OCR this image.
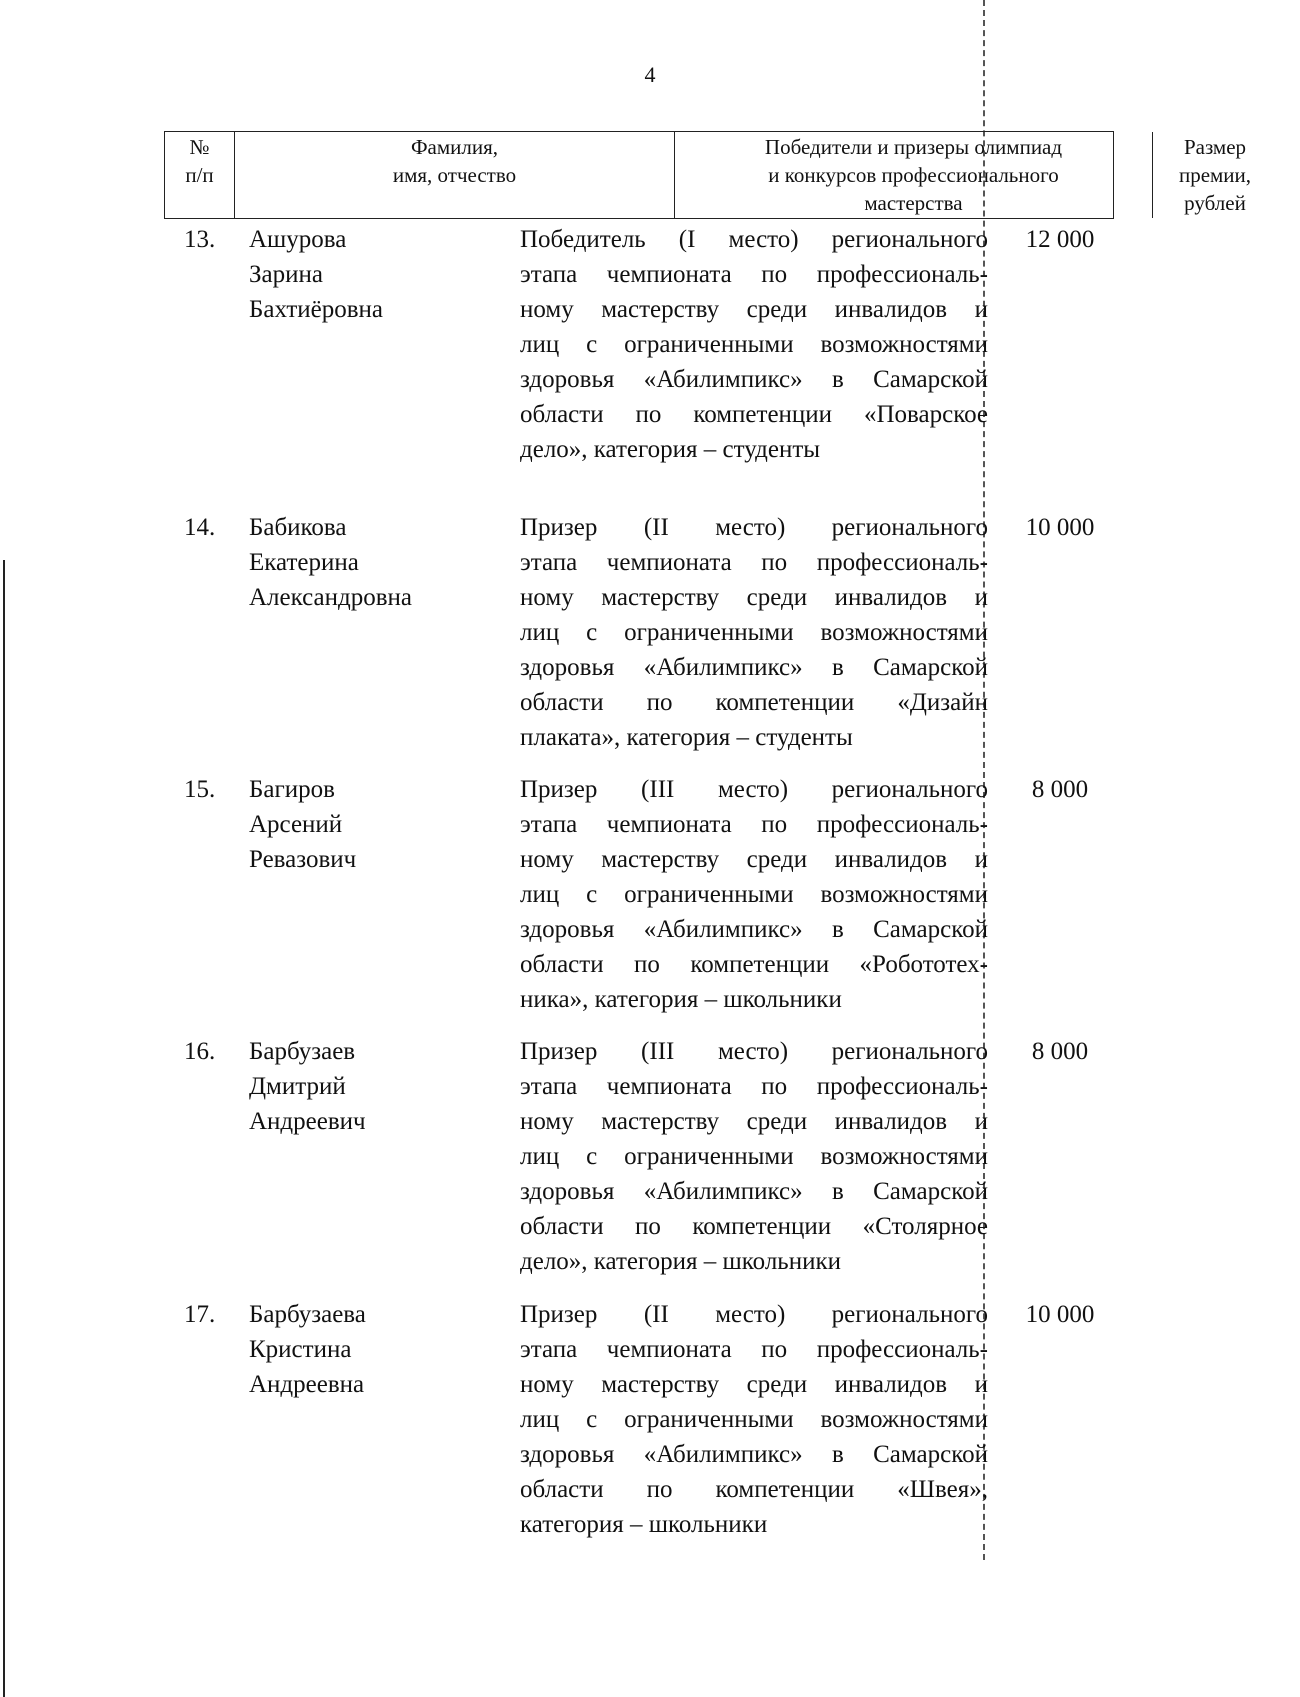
4
№
п/п
Фамилия,
имя, отчество
Победители и призеры олимпиад
и конкурсов профессионального
мастерства
Размер
премии,
рублей
13. Ашурова
Зарина
Бахтиёровна
Победитель (I место) регионального
этапа чемпионата по профессиональ-
ному мастерству среди инвалидов и
лиц с ограниченными возможностями
здоровья «Абилимпикс» в Самарской
области по компетенции «Поварское
дело», категория – студенты
12 000
14. Бабикова
Екатерина
Александровна
Призер (II место) регионального
этапа чемпионата по профессиональ-
ному мастерству среди инвалидов и
лиц с ограниченными возможностями
здоровья «Абилимпикс» в Самарской
области по компетенции «Дизайн
плаката», категория – студенты
10 000
15. Багиров
Арсений
Ревазович
Призер (III место) регионального
этапа чемпионата по профессиональ-
ному мастерству среди инвалидов и
лиц с ограниченными возможностями
здоровья «Абилимпикс» в Самарской
области по компетенции «Робототех-
ника», категория – школьники
8 000
16. Барбузаев
Дмитрий
Андреевич
Призер (III место) регионального
этапа чемпионата по профессиональ-
ному мастерству среди инвалидов и
лиц с ограниченными возможностями
здоровья «Абилимпикс» в Самарской
области по компетенции «Столярное
дело», категория – школьники
8 000
17. Барбузаева
Кристина
Андреевна
Призер (II место) регионального
этапа чемпионата по профессиональ-
ному мастерству среди инвалидов и
лиц с ограниченными возможностями
здоровья «Абилимпикс» в Самарской
области по компетенции «Швея»,
категория – школьники
10 000
